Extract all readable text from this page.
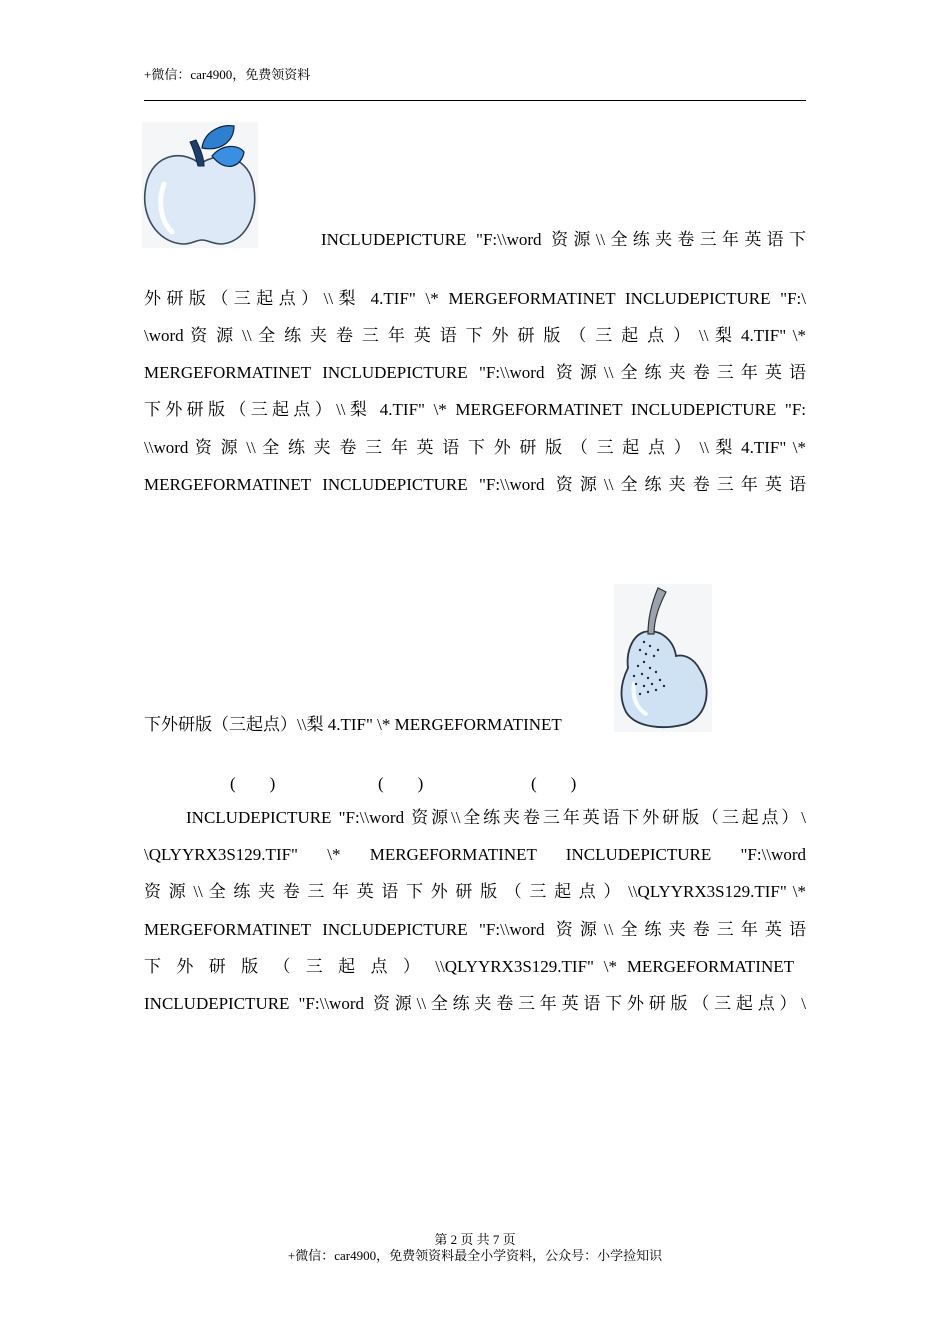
+微信：car4900，免费领资料
INCLUDEPICTURE "F:\\word 资源\\全练夹卷三年英语下
外研版（三起点）\\梨 4.TIF" \* MERGEFORMATINET INCLUDEPICTURE "F:\
\word 资 源 \\ 全 练 夹 卷 三 年 英 语 下 外 研 版 （ 三 起 点 ） \\ 梨 4.TIF" \*
MERGEFORMATINET INCLUDEPICTURE "F:\\word 资源\\全练夹卷三年英语
下外研版（三起点）\\梨 4.TIF" \* MERGEFORMATINET INCLUDEPICTURE "F:
\\word 资 源 \\ 全 练 夹 卷 三 年 英 语 下 外 研 版 （ 三 起 点 ） \\ 梨 4.TIF" \*
MERGEFORMATINET INCLUDEPICTURE "F:\\word 资源\\全练夹卷三年英语
下外研版（三起点）\\梨 4.TIF" \* MERGEFORMATINET
(        )	(        )	(        )
INCLUDEPICTURE "F:\\word 资源\\全练夹卷三年英语下外研版（三起点）\
\QLYYRX3S129.TIF" \* MERGEFORMATINET INCLUDEPICTURE "F:\\word
资 源 \\ 全 练 夹 卷 三 年 英 语 下 外 研 版 （ 三 起 点 ） \\QLYYRX3S129.TIF" \*
MERGEFORMATINET INCLUDEPICTURE "F:\\word 资源\\全练夹卷三年英语
下 外 研 版 （ 三 起 点 ） \\QLYYRX3S129.TIF" \* MERGEFORMATINET
INCLUDEPICTURE "F:\\word 资源\\全练夹卷三年英语下外研版（三起点）\
第 2 页 共 7 页
+微信：car4900，免费领资料最全小学资料，公众号：小学捡知识
